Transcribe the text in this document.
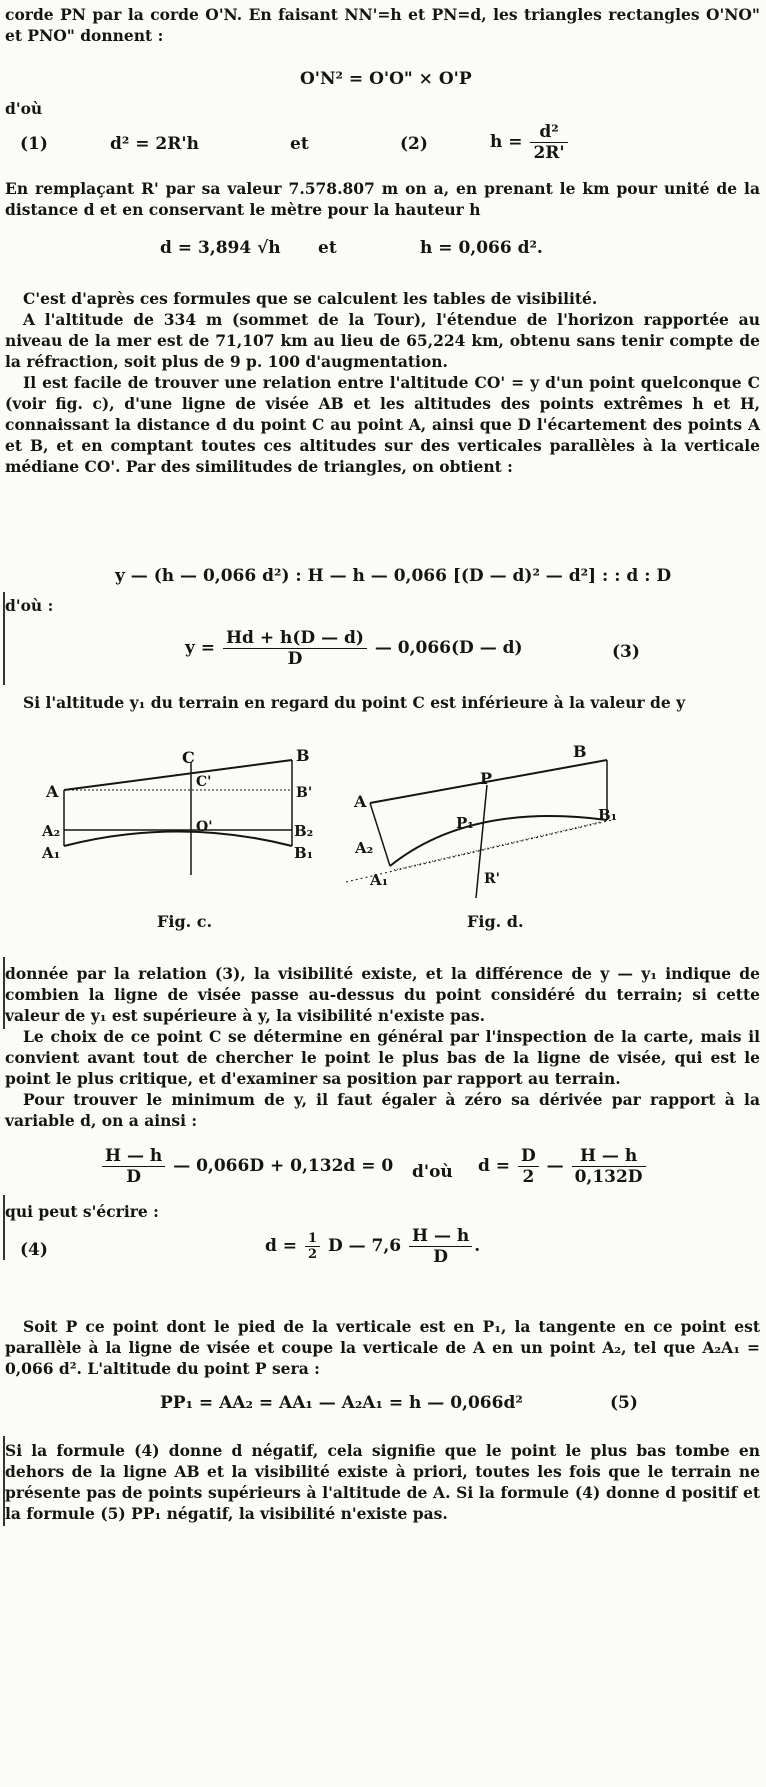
corde PN par la corde O'N. En faisant NN'=h et PN=d, les triangles rectangles O'NO" et PNO" donnent :
O'N² = O'O" × O'P
d'où
(1)	d² = 2R'h	et	(2)	$h = \frac{\text{d²}}{2R'}$
En remplaçant R' par sa valeur 7.578.807 m on a, en prenant le km pour unité de la distance d et en conservant le mètre pour la hauteur h
d = 3,894 √h et	h = 0,066 d².
C'est d'après ces formules que se calculent les tables de visibilité.
A l'altitude de 334 m (sommet de la Tour), l'étendue de l'horizon rapportée au niveau de la mer est de 71,107 km au lieu de 65,224 km, obtenu sans tenir compte de la réfraction, soit plus de 9 p. 100 d'augmentation.
Il est facile de trouver une relation entre l'altitude CO' = y d'un point quelconque C (voir fig. c), d'une ligne de visée AB et les altitudes des points extrêmes h et H, connaissant la distance d du point C au point A, ainsi que D l'écartement des points A et B, et en comptant toutes ces altitudes sur des verticales parallèles à la verticale médiane CO'. Par des similitudes de triangles, on obtient :
y — (h — 0,066 d²) : H — h — 0,066 [(D — d)² — d²] : : d : D
d'où :
$y = \frac{Hd + h(D — d)}{D}$ — 0,066(D — d)	(3)
Si l'altitude y₁ du terrain en regard du point C est inférieure à la valeur de y
A
C	B
C'
B'
A₂	O'	B₂
A₁	B₁
A
P
B
P₁	B₁
A₂
A₁	R'
Fig. c.	Fig. d.
donnée par la relation (3), la visibilité existe, et la différence de y — y₁ indique de combien la ligne de visée passe au-dessus du point considéré du terrain; si cette valeur de y₁ est supérieure à y, la visibilité n'existe pas.
Le choix de ce point C se détermine en général par l'inspection de la carte, mais il convient avant tout de chercher le point le plus bas de la ligne de visée, qui est le point le plus critique, et d'examiner sa position par rapport au terrain.
Pour trouver le minimum de y, il faut égaler à zéro sa dérivée par rapport à la variable d, on a ainsi :
$\frac{H — h}{D}$ — 0,066D + 0,132d = 0 d'où $d = \frac{D}{2}$ — $\frac{H — h}{0,132D}$
qui peut s'écrire :
(4)	$d = \frac{1}{2}$ D — $7,6 \frac{H — h}{D}$ .
Soit P ce point dont le pied de la verticale est en P₁, la tangente en ce point est parallèle à la ligne de visée et coupe la verticale de A en un point A₂, tel que A₂A₁ = 0,066 d². L'altitude du point P sera :
PP₁ = AA₂ = AA₁ — A₂A₁ = h — 0,066d²	(5)
Si la formule (4) donne d négatif, cela signifie que le point le plus bas tombe en dehors de la ligne AB et la visibilité existe à priori, toutes les fois que le terrain ne présente pas de points supérieurs à l'altitude de A. Si la formule (4) donne d positif et la formule (5) PP₁ négatif, la visibilité n'existe pas.
